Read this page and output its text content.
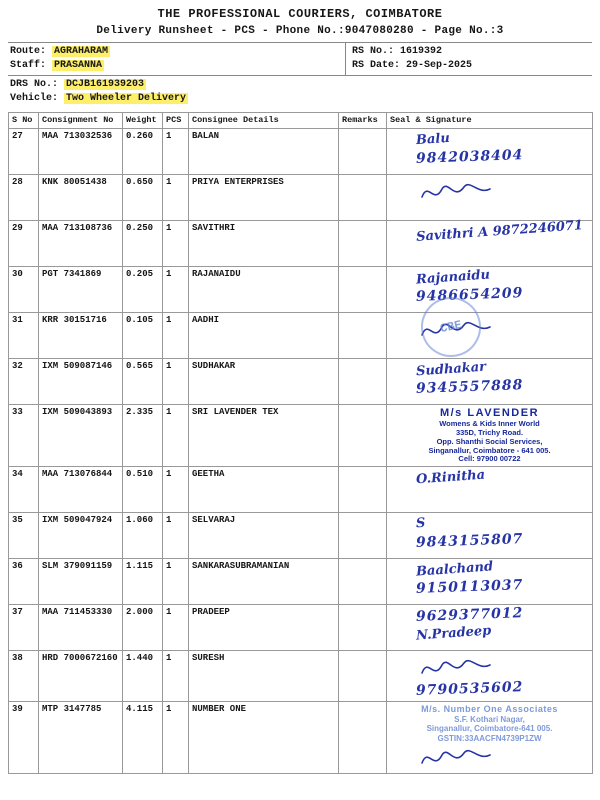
THE PROFESSIONAL COURIERS, COIMBATORE
Delivery Runsheet - PCS - Phone No.:9047080280 - Page No.:3
Route: AGRAHARAM
Staff: PRASANNA
RS No.: 1619392
RS Date: 29-Sep-2025
DRS No.: DCJB161939203
Vehicle: Two Wheeler Delivery
S No	Consignment No	Weight	PCS	Consignee Details	Remarks	Seal & Signature
27	MAA 713032536	0.260	1	BALAN		Balu
9842038404

28	KNK 80051438	0.650	1	PRIYA ENTERPRISES		

29	MAA 713108736	0.250	1	SAVITHRI		Savithri A 9872246071

30	PGT 7341869	0.205	1	RAJANAIDU		Rajanaidu
9486654209

31	KRR 30151716	0.105	1	AADHI		CBE

32	IXM 509087146	0.565	1	SUDHAKAR		Sudhakar
9345557888

33	IXM 509043893	2.335	1	SRI LAVENDER TEX		M/s LAVENDER
Womens & Kids Inner World
335D, Trichy Road.
Opp. Shanthi Social Services,
Singanallur, Coimbatore - 641 005.
Cell: 97900 00722

34	MAA 713076844	0.510	1	GEETHA		O.Rinitha

35	IXM 509047924	1.060	1	SELVARAJ		S
9843155807

36	SLM 379091159	1.115	1	SANKARASUBRAMANIAN		Baalchand
9150113037

37	MAA 711453330	2.000	1	PRADEEP		9629377012
N.Pradeep

38	HRD 7000672160	1.440	1	SURESH		9790535602

39	MTP 3147785	4.115	1	NUMBER ONE		M/s. Number One Associates
S.F. Kothari Nagar,
Singanallur, Coimbatore-641 005.
GSTIN:33AACFN4739P1ZW
